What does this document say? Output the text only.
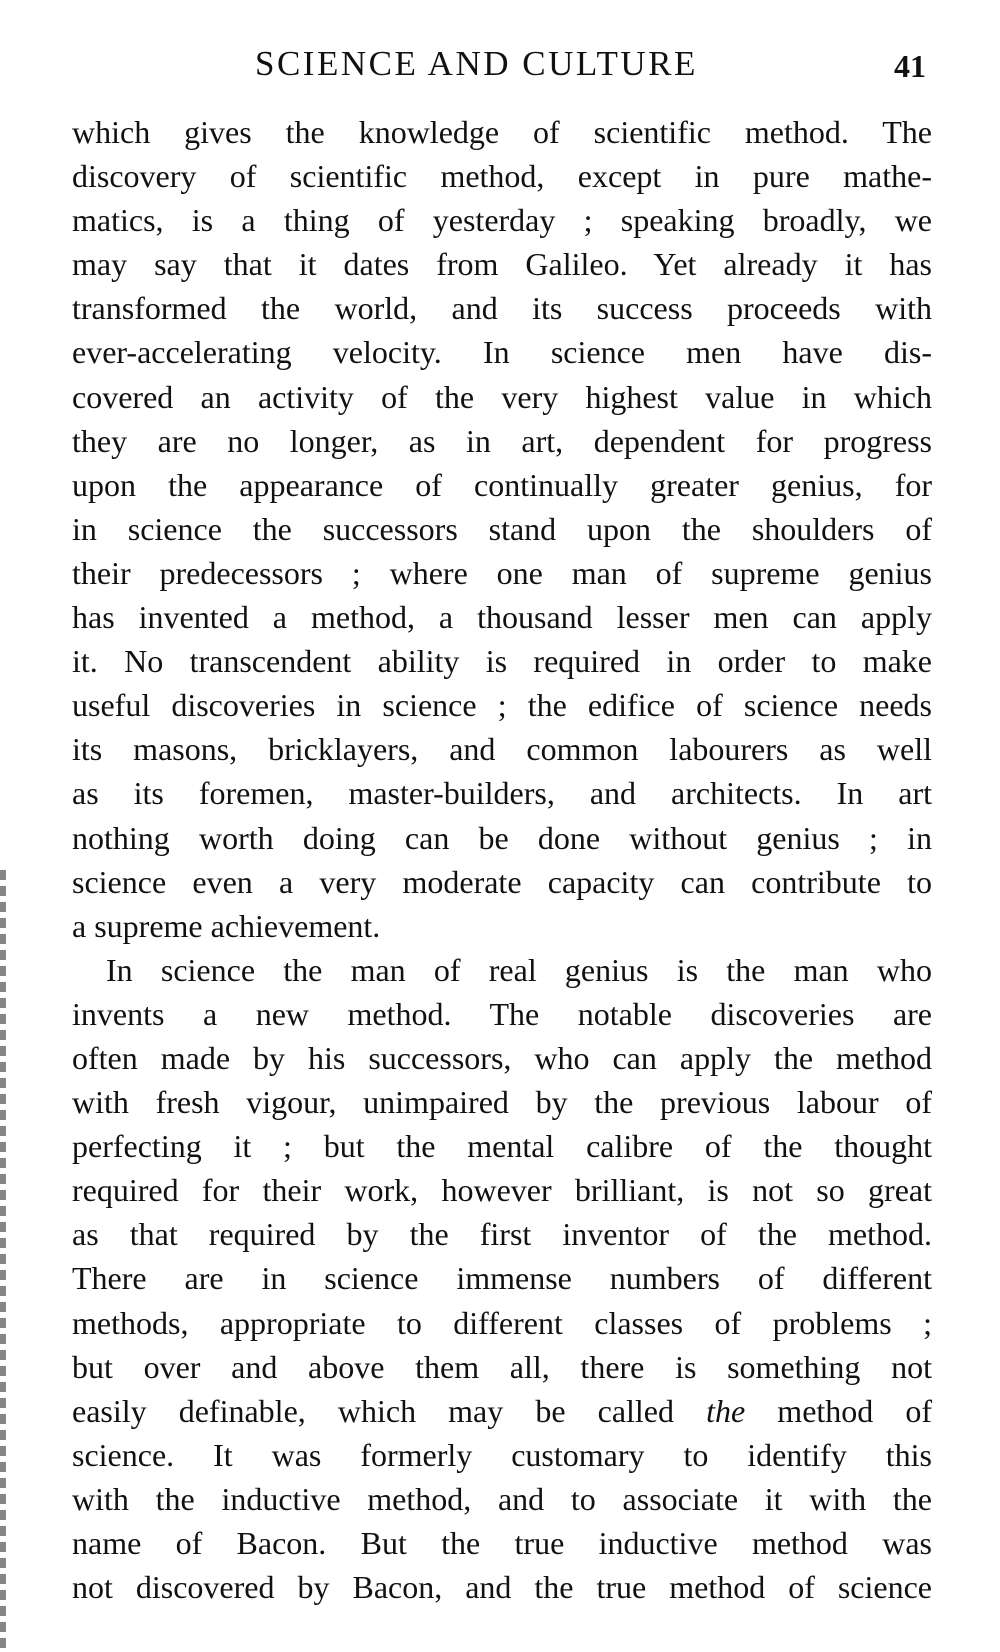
SCIENCE AND CULTURE	41
which gives the knowledge of scientific method. The
discovery of scientific method, except in pure mathe-
matics, is a thing of yesterday ; speaking broadly, we
may say that it dates from Galileo. Yet already it has
transformed the world, and its success proceeds with
ever-accelerating velocity. In science men have dis-
covered an activity of the very highest value in which
they are no longer, as in art, dependent for progress
upon the appearance of continually greater genius, for
in science the successors stand upon the shoulders of
their predecessors ; where one man of supreme genius
has invented a method, a thousand lesser men can apply
it. No transcendent ability is required in order to make
useful discoveries in science ; the edifice of science needs
its masons, bricklayers, and common labourers as well
as its foremen, master-builders, and architects. In art
nothing worth doing can be done without genius ; in
science even a very moderate capacity can contribute to
a supreme achievement.
In science the man of real genius is the man who
invents a new method. The notable discoveries are
often made by his successors, who can apply the method
with fresh vigour, unimpaired by the previous labour of
perfecting it ; but the mental calibre of the thought
required for their work, however brilliant, is not so great
as that required by the first inventor of the method.
There are in science immense numbers of different
methods, appropriate to different classes of problems ;
but over and above them all, there is something not
easily definable, which may be called the method of
science. It was formerly customary to identify this
with the inductive method, and to associate it with the
name of Bacon. But the true inductive method was
not discovered by Bacon, and the true method of science
